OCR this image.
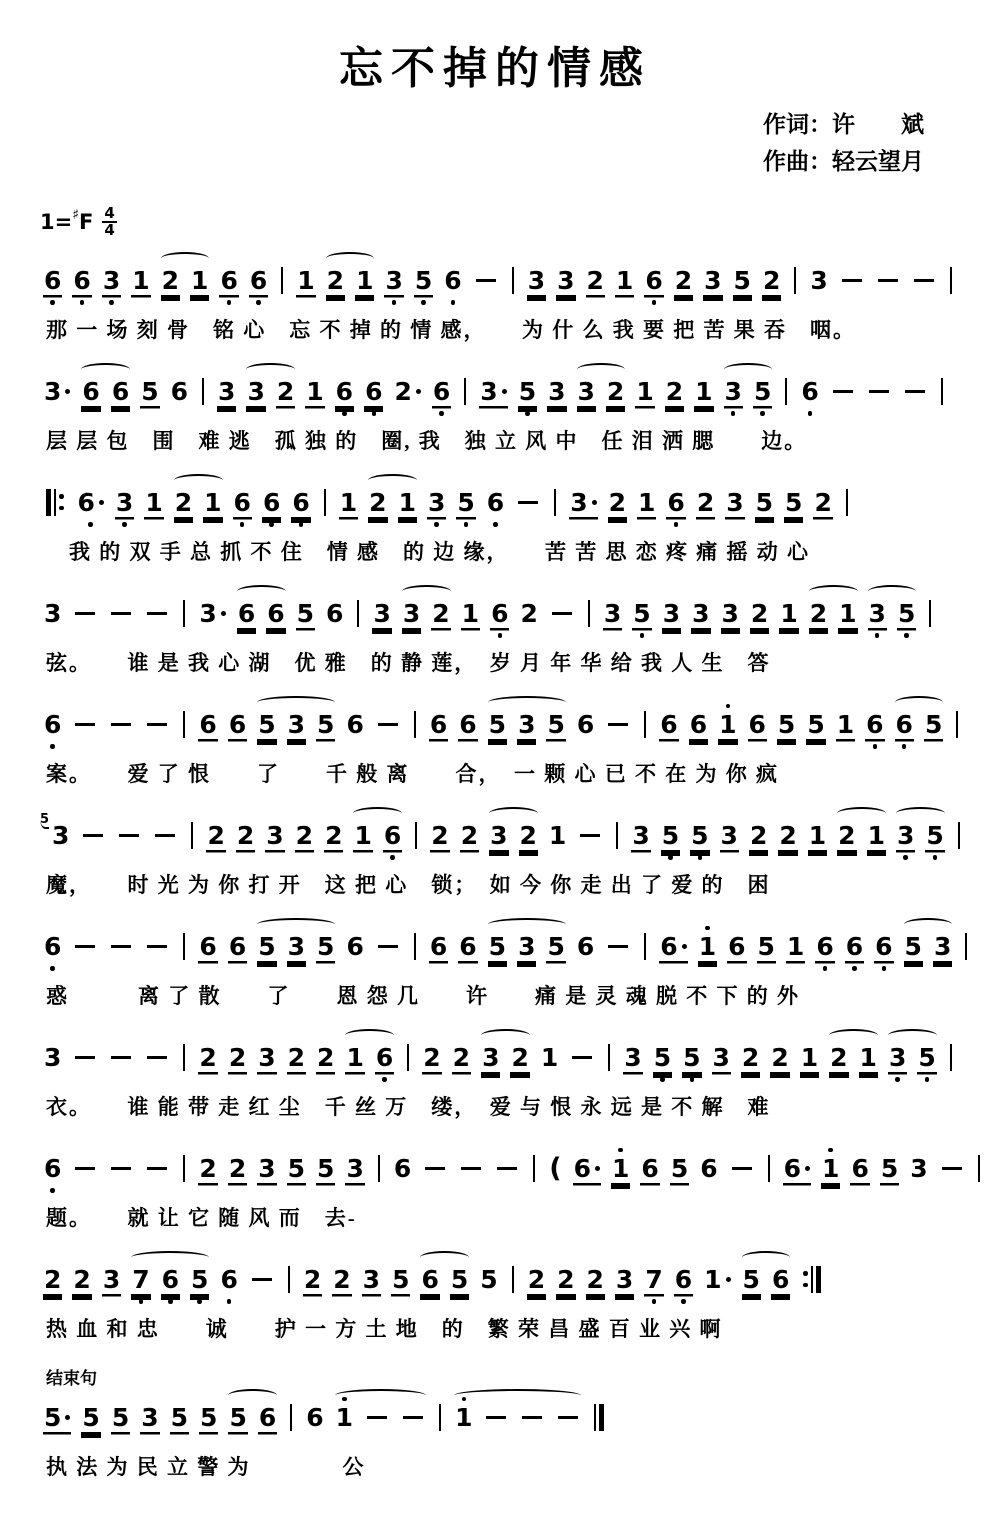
忘不掉的情感
作词：许　　斌
作曲：轻云望月
1= ♯ F $\frac{4}{4}$
6 6 3 1 2 1 6 6 1 2 1 3 5 6	3 3 2 1 6 2 3 5 2 3
那 一 场 刻 骨　铭 心　忘 不 掉 的 情 感，　　为 什 么 我 要 把 苦 果 吞　咽。
3 6 6 5 6 3 3 2 1 6 6 2 6 3 5 3 3 2 1 2 1 3 5 6
层 层 包　围　难 逃　孤 独 的　圈, 我　独 立 风 中　任 泪 洒 腮　　边。
6 3 1 2 1 6 6 6 1 2 1 3 5 6	3 2 1 6 2 3 5 5 2
　我 的 双 手 总 抓 不 住　情 感　的 边 缘，　　苦 苦 思 恋 疼 痛 摇 动 心
3	3 6 6 5 6 3 3 2 1 6 2	3 5 3 3 3 2 1 2 1 3 5
弦。　　谁 是 我 心 湖　优 雅　的 静 莲，　岁 月 年 华 给 我 人 生　答
6	6 6 5 3 5 6	6 6 5 3 5 6	6 6 1 6 5 5 1 6 6 5
案。　　爱 了 恨　　了　　千 般 离　　合，　一 颗 心 已 不 在 为 你 疯
5
3	2 2 3 2 2 1 6 2 2 3 2 1	3 5 5 3 2 2 1 2 1 3 5
魔，　　时 光 为 你 打 开　这 把 心　锁；　如 今 你 走 出 了 爱 的　困
6	6 6 5 3 5 6	6 6 5 3 5 6	6 1 6 5 1 6 6 6 5 3
惑　　　离 了 散　　了　　恩 怨 几　　许　　痛 是 灵 魂 脱 不 下 的 外
3	2 2 3 2 2 1 6 2 2 3 2 1	3 5 5 3 2 2 1 2 1 3 5
衣。　　谁 能 带 走 红 尘　千 丝 万　缕，　爱 与 恨 永 远 是 不 解　难
6	2 2 3 5 5 3 6	( 6 1 6 5 6	6 1 6 5 3
题。　　就 让 它 随 风 而　去-
2 2 3 7 6 5 6	2 2 3 5 6 5 5 2 2 2 3 7 6 1 5 6
热 血 和 忠　　诚　　护 一 方 土 地　的　繁 荣 昌 盛 百 业 兴 啊
结束句
5 5 5 3 5 5 5 6 6 1	1
执 法 为 民 立 警 为　　　　公
